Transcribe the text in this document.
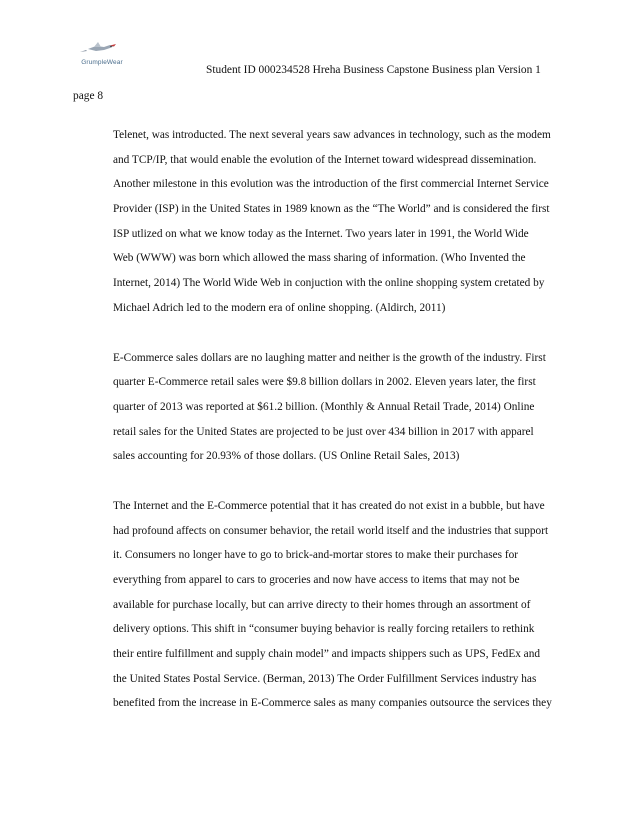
GrumpleWear
Student ID 000234528 Hreha Business Capstone Business plan Version 1
page 8
Telenet, was introducted. The next several years saw advances in technology, such as the modem
and TCP/IP, that would enable the evolution of the Internet toward widespread dissemination.
Another milestone in this evolution was the introduction of the first commercial Internet Service
Provider (ISP) in the United States in 1989 known as the “The World” and is considered the first
ISP utlized on what we know today as the Internet. Two years later in 1991, the World Wide
Web (WWW) was born which allowed the mass sharing of information. (Who Invented the
Internet, 2014) The World Wide Web in conjuction with the online shopping system cretated by
Michael Adrich led to the modern era of online shopping. (Aldirch, 2011)
E-Commerce sales dollars are no laughing matter and neither is the growth of the industry. First
quarter E-Commerce retail sales were $9.8 billion dollars in 2002. Eleven years later, the first
quarter of 2013 was reported at $61.2 billion. (Monthly & Annual Retail Trade, 2014) Online
retail sales for the United States are projected to be just over 434 billion in 2017 with apparel
sales accounting for 20.93% of those dollars. (US Online Retail Sales, 2013)
The Internet and the E-Commerce potential that it has created do not exist in a bubble, but have
had profound affects on consumer behavior, the retail world itself and the industries that support
it. Consumers no longer have to go to brick-and-mortar stores to make their purchases for
everything from apparel to cars to groceries and now have access to items that may not be
available for purchase locally, but can arrive directy to their homes through an assortment of
delivery options. This shift in “consumer buying behavior is really forcing retailers to rethink
their entire fulfillment and supply chain model” and impacts shippers such as UPS, FedEx and
the United States Postal Service. (Berman, 2013) The Order Fulfillment Services industry has
benefited from the increase in E-Commerce sales as many companies outsource the services they
